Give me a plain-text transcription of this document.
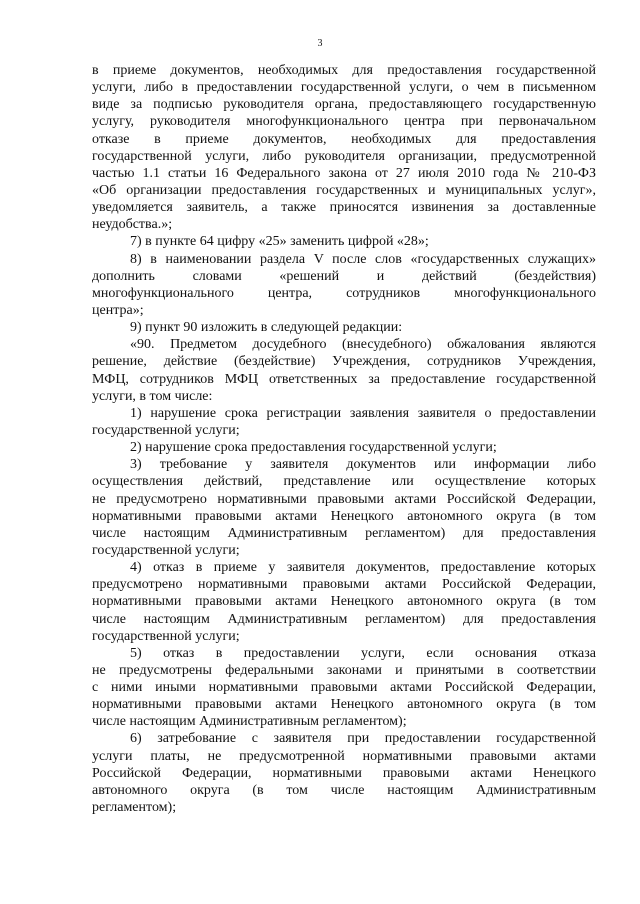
3
в приеме документов, необходимых для предоставления государственной
услуги, либо в предоставлении государственной услуги, о чем в письменном
виде за подписью руководителя органа, предоставляющего государственную
услугу, руководителя многофункционального центра при первоначальном
отказе в приеме документов, необходимых для предоставления
государственной услуги, либо руководителя организации, предусмотренной
частью 1.1 статьи 16 Федерального закона от 27 июля 2010 года № 210-ФЗ
«Об организации предоставления государственных и муниципальных услуг»,
уведомляется заявитель, а также приносятся извинения за доставленные
неудобства.»;
7) в пункте 64 цифру «25» заменить цифрой «28»;
8) в наименовании раздела V после слов «государственных служащих»
дополнить словами «решений и действий (бездействия)
многофункционального центра, сотрудников многофункционального
центра»;
9) пункт 90 изложить в следующей редакции:
«90. Предметом досудебного (внесудебного) обжалования являются
решение, действие (бездействие) Учреждения, сотрудников Учреждения,
МФЦ, сотрудников МФЦ ответственных за предоставление государственной
услуги, в том числе:
1) нарушение срока регистрации заявления заявителя о предоставлении
государственной услуги;
2) нарушение срока предоставления государственной услуги;
3) требование у заявителя документов или информации либо
осуществления действий, представление или осуществление которых
не предусмотрено нормативными правовыми актами Российской Федерации,
нормативными правовыми актами Ненецкого автономного округа (в том
числе настоящим Административным регламентом) для предоставления
государственной услуги;
4) отказ в приеме у заявителя документов, предоставление которых
предусмотрено нормативными правовыми актами Российской Федерации,
нормативными правовыми актами Ненецкого автономного округа (в том
числе настоящим Административным регламентом) для предоставления
государственной услуги;
5) отказ в предоставлении услуги, если основания отказа
не предусмотрены федеральными законами и принятыми в соответствии
с ними иными нормативными правовыми актами Российской Федерации,
нормативными правовыми актами Ненецкого автономного округа (в том
числе настоящим Административным регламентом);
6) затребование с заявителя при предоставлении государственной
услуги платы, не предусмотренной нормативными правовыми актами
Российской Федерации, нормативными правовыми актами Ненецкого
автономного округа (в том числе настоящим Административным
регламентом);
